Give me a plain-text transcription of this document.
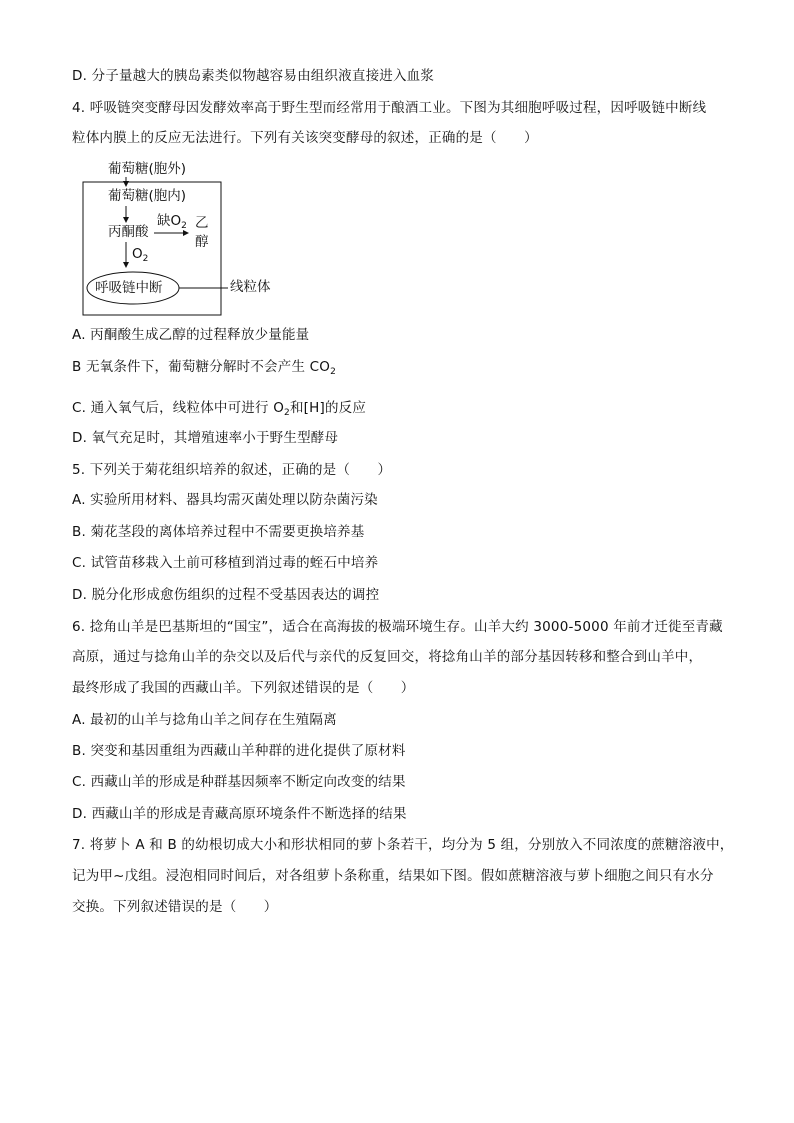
D. 分子量越大的胰岛素类似物越容易由组织液直接进入血浆
4. 呼吸链突变酵母因发酵效率高于野生型而经常用于酿酒工业。下图为其细胞呼吸过程，因呼吸链中断线
粒体内膜上的反应无法进行。下列有关该突变酵母的叙述，正确的是（　　）
葡萄糖(胞外)
葡萄糖(胞内)
丙酮酸
缺$O_2$
$O_2$
乙
醇
呼吸链中断	线粒体
A. 丙酮酸生成乙醇的过程释放少量能量
B 无氧条件下，葡萄糖分解时不会产生 $CO_2$
C. 通入氧气后，线粒体中可进行 $O_2$和[H]的反应
D. 氧气充足时，其增殖速率小于野生型酵母
5. 下列关于菊花组织培养的叙述，正确的是（　　）
A. 实验所用材料、器具均需灭菌处理以防杂菌污染
B. 菊花茎段的离体培养过程中不需要更换培养基
C. 试管苗移栽入土前可移植到消过毒的蛭石中培养
D. 脱分化形成愈伤组织的过程不受基因表达的调控
6. 捻角山羊是巴基斯坦的“国宝”，适合在高海拔的极端环境生存。山羊大约 3000-5000 年前才迁徙至青藏
高原，通过与捻角山羊的杂交以及后代与亲代的反复回交，将捻角山羊的部分基因转移和整合到山羊中，
最终形成了我国的西藏山羊。下列叙述错误的是（　　）
A. 最初的山羊与捻角山羊之间存在生殖隔离
B. 突变和基因重组为西藏山羊种群的进化提供了原材料
C. 西藏山羊的形成是种群基因频率不断定向改变的结果
D. 西藏山羊的形成是青藏高原环境条件不断选择的结果
7. 将萝卜 A 和 B 的幼根切成大小和形状相同的萝卜条若干，均分为 5 组，分别放入不同浓度的蔗糖溶液中，
记为甲~戊组。浸泡相同时间后，对各组萝卜条称重，结果如下图。假如蔗糖溶液与萝卜细胞之间只有水分
交换。下列叙述错误的是（　　）
